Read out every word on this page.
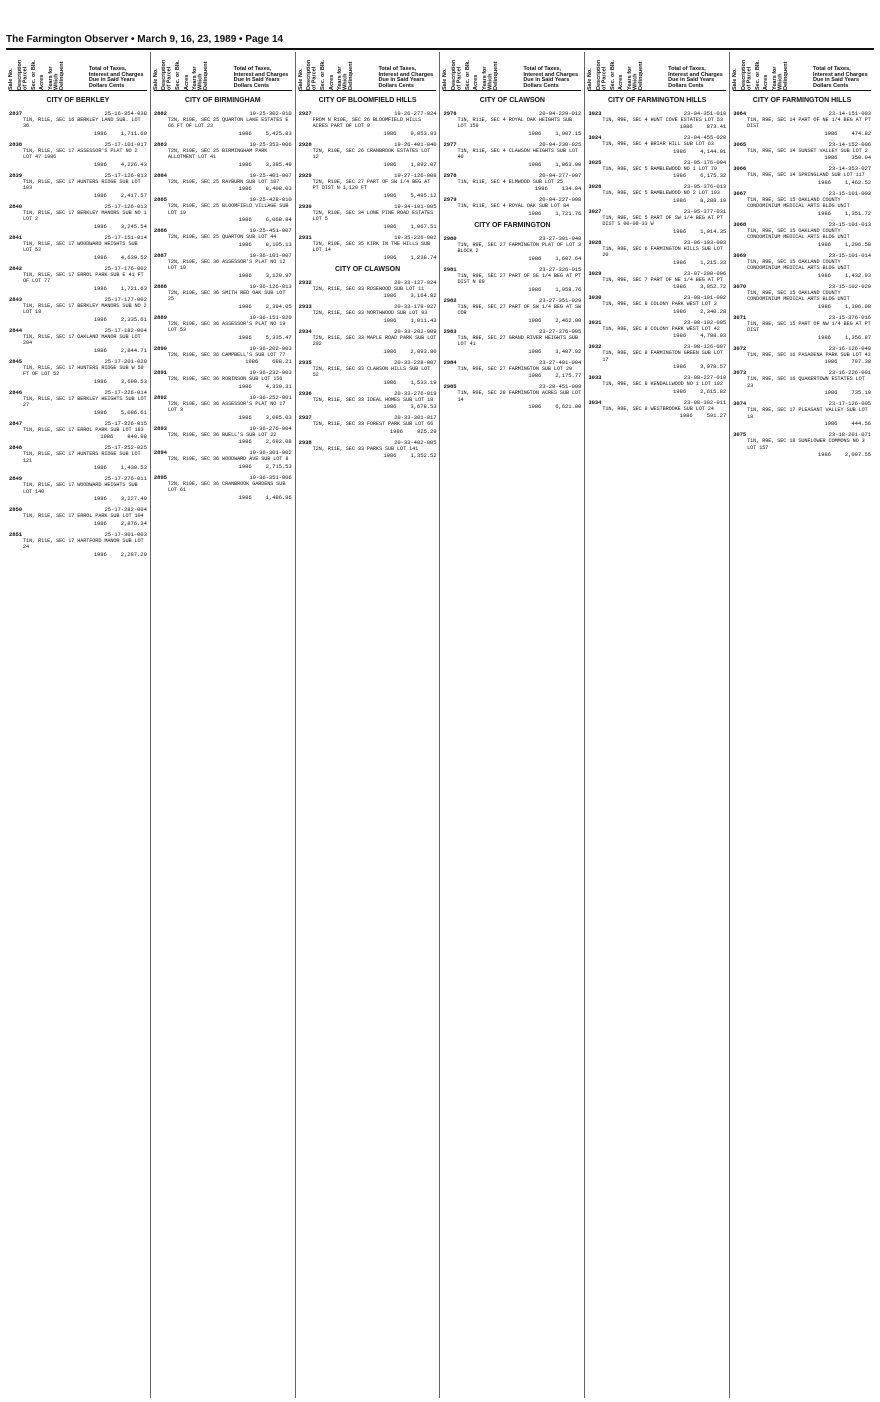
The Farmington Observer • March 9, 16, 23, 1989 • Page 14
Sale No. Description of Parcel Sec. or Blk. Acres Years for Which Delinquent	Total of Taxes, Interest and Charges Due in Said Years Dollars Cents
CITY OF BERKLEY
2837	25-16-354-038
T1N, R11E, SEC 16 BERKLEY LAND SUB. LOT 36
1986	1,711.60
2838	25-17-101-017
T1N, R11E, SEC 17 ASSESSOR'S PLAT NO 2 LOT 47 1986
1986	4,226.43
2839	25-17-126-013
T1N, R11E, SEC 17 HUNTERS RIDGE SUB LOT 103
1986	2,417.57
2840	25-17-126-013
T1N, R11E, SEC 17 BERKLEY MANORS SUB NO 1 LOT 2
1986	3,245.54
2841	25-17-151-014
T1N, R11E, SEC 17 WOODWARD HEIGHTS SUB LOT 52
1986	4,639.52
2842	25-17-176-002
T1N, R11E, SEC 17 ERROL PARK SUB E 41 FT OF LOT 77
1986	1,721.63
2843	25-17-177-002
T1N, R11E, SEC 17 BERKLEY MANORS SUB NO 2 LOT 18
1986	2,335.61
2844	25-17-182-004
T1N, R11E, SEC 17 OAKLAND MANOR SUB LOT 204
1986	2,844.71
2845	25-17-201-020
T1N, R11E, SEC 17 HUNTERS RIDGE SUB W 50 FT OF LOT 52
1986	3,690.53
2846	25-17-226-014
T1N, R11E, SEC 17 BERKLEY HEIGHTS SUB LOT 27
1986	5,086.61
2847	25-17-226-015
T1N, R11E, SEC 17 ERROL PARK SUB LOT 183
1986	849.98
2848	25-17-252-025
T1N, R11E, SEC 17 HUNTERS RIDGE SUB LOT 121
1986	1,430.53
2849	25-17-276-011
T1N, R11E, SEC 17 WOODWARD HEIGHTS SUB LOT 140
1986	3,227.49
2850	25-17-282-004
T1N, R11E, SEC 17 ERROL PARK SUB LOT 104
1986	2,876.34
2851	25-17-301-003
T1N, R11E, SEC 17 HARTFORD MANOR SUB LOT 24
1986	2,287.29
Sale No. Description of Parcel Sec. or Blk. Acres Years for Which Delinquent	Total of Taxes, Interest and Charges Due in Said Years Dollars Cents
CITY OF BIRMINGHAM
2882	19-25-302-010
T2N, R10E, SEC 25 QUARTON LAKE ESTATES E 66 FT OF LOT 23
1986	5,425.83
2883	19-25-353-006
T2N, R10E, SEC 25 BIRMINGHAM PARK ALLOTMENT LOT 41
1986	3,385.49
2884	19-25-401-007
T2N, R10E, SEC 25 RAYBURN SUB LOT 107
1986	8,408.03
2885	19-25-428-010
T2N, R10E, SEC 25 BLOOMFIELD VILLAGE SUB LOT 19
1986	6,068.84
2886	19-25-451-007
T2N, R10E, SEC 25 QUARTON SUB LOT 44
1986	8,105.13
2887	19-36-101-007
T2N, R10E, SEC 36 ASSESSOR'S PLAT NO 12 LOT 10
1986	3,129.97
2888	19-36-126-013
T2N, R10E, SEC 36 SMITH RED OAK SUB LOT 25
1986	2,394.05
2889	19-36-151-020
T2N, R10E, SEC 36 ASSESSOR'S PLAT NO 19 LOT 53
1986	5,335.47
2890	19-36-202-003
T2N, R10E, SEC 36 CAMPBELL'S SUB LOT 77
1986	688.21
2891	19-36-232-003
T2N, R10E, SEC 36 ROBINSON SUB LOT 156
1986	4,339.31
2892	19-36-252-001
T2N, R10E, SEC 36 ASSESSOR'S PLAT NO 17 LOT 3
1986	3,085.03
2893	19-36-276-004
T2N, R10E, SEC 36 BUELL'S SUB LOT 22
1986	2,692.08
2894	19-36-301-002
T2N, R10E, SEC 36 WOODWARD AVE SUB LOT 8
1986	2,715.53
2895	19-36-351-006
T2N, R10E, SEC 36 CRANBROOK GARDENS SUB LOT 61
1986	1,486.86
Sale No. Description of Parcel Sec. or Blk. Acres Years for Which Delinquent	Total of Taxes, Interest and Charges Due in Said Years Dollars Cents
CITY OF BLOOMFIELD HILLS
2927	19-26-277-024
FROM N R10E, SEC 26 BLOOMFIELD HILLS ACRES PART OF LOT 9
1986	9,853.83
2928	19-26-401-040
T2N, R10E, SEC 26 CRANBROOK ESTATES LOT 12
1986	1,892.07
2929	19-27-126-008
T2N, R10E, SEC 27 PART OF SW 1/4 BEG AT PT DIST N 1,120 FT
1986	5,495.12
2930	19-34-101-005
T2N, R10E, SEC 34 LONE PINE ROAD ESTATES LOT 5
1986	1,067.51
2931	19-35-226-002
T2N, R10E, SEC 35 KIRK IN THE HILLS SUB LOT 14
1986	1,238.74
CITY OF CLAWSON
2932	20-33-127-024
T2N, R11E, SEC 33 ROSEWOOD SUB LOT 11
1986	3,164.82
2933	20-33-178-027
T2N, R11E, SEC 33 NORTHWOOD SUB LOT 93
1986	1,811.43
2934	20-33-202-009
T2N, R11E, SEC 33 MAPLE ROAD PARK SUB LOT 202
1986	2,093.80
2935	20-33-228-007
T2N, R11E, SEC 33 CLAWSON HILLS SUB LOT 52
1986	1,533.19
2936	20-33-276-019
T2N, R11E, SEC 33 IDEAL HOMES SUB LOT 18
1986	3,678.53
2937	20-33-301-017
T2N, R11E, SEC 33 FOREST PARK SUB LOT 66
1986	925.29
2938	20-33-402-005
T2N, R11E, SEC 33 PARKS SUB LOT 141
1986	1,352.52
Sale No. Description of Parcel Sec. or Blk. Acres Years for Which Delinquent	Total of Taxes, Interest and Charges Due in Said Years Dollars Cents
CITY OF CLAWSON
2976	20-04-229-012
T1N, R11E, SEC 4 ROYAL OAK HEIGHTS SUB LOT 159
1986	1,907.15
2977	20-04-230-025
T1N, R11E, SEC 4 CLAWSON HEIGHTS SUB LOT 40
1986	1,863.90
2978	20-04-277-007
T1N, R11E, SEC 4 ELMWOOD SUB LOT 25
1986	134.04
2979	20-04-227-008
T1N, R11E, SEC 4 ROYAL OAK SUB LOT 84
1986	1,721.76
CITY OF FARMINGTON
2980	23-27-301-040
T1N, R9E, SEC 27 FARMINGTON PLAT OF LOT 3 BLOCK 2
1986	1,607.64
2981	23-27-326-015
T1N, R9E, SEC 27 PART OF SE 1/4 BEG AT PT DIST N 89
1986	1,958.76
2982	23-27-351-029
T1N, R9E, SEC 27 PART OF SW 1/4 BEG AT SW COR
1986	2,462.00
2983	23-27-376-005
T1N, R9E, SEC 27 GRAND RIVER HEIGHTS SUB LOT 41
1986	3,407.92
2984	23-27-401-004
T1N, R9E, SEC 27 FARMINGTON SUB LOT 29
1986	2,175.77
2985	23-28-451-009
T1N, R9E, SEC 28 FARMINGTON ACRES SUB LOT 14
1986	6,621.80
Sale No. Description of Parcel Sec. or Blk. Acres Years for Which Delinquent	Total of Taxes, Interest and Charges Due in Said Years Dollars Cents
CITY OF FARMINGTON HILLS
3023	23-04-351-010
T1N, R9E, SEC 4 HUNT COVE ESTATES LOT 53
1986	873.41
3024	23-04-455-028
T1N, R9E, SEC 4 BRIAR HILL SUB LOT 63
1986	4,144.01
3025	23-05-176-004
T1N, R9E, SEC 5 RAMBLEWOOD NO 1 LOT 70
1986	6,175.32
3026	23-05-376-013
T1N, R9E, SEC 5 RAMBLEWOOD NO 2 LOT 193
1986	8,288.19
3027	23-05-377-031
T1N, R9E, SEC 5 PART OF SW 1/4 BEG AT PT DIST S 00-08-33 W
1986	1,014.35
3028	23-06-103-003
T1N, R9E, SEC 6 FARMINGTON HILLS SUB LOT 20
1986	1,215.33
3029	23-07-200-006
T1N, R9E, SEC 7 PART OF NE 1/4 BEG AT PT
1986	3,952.72
3030	23-08-101-002
T1N, R9E, SEC 8 COLONY PARK WEST LOT 3
1986	2,340.28
3031	23-08-102-005
T1N, R9E, SEC 8 COLONY PARK WEST LOT 42
1986	4,708.03
3032	23-08-126-007
T1N, R9E, SEC 8 FARMINGTON GREEN SUB LOT 17
1986	3,078.57
3033	23-08-227-018
T1N, R9E, SEC 8 KENDALLWOOD NO 1 LOT 102
1986	2,615.82
3034	23-08-302-011
T1N, R9E, SEC 8 WESTBROOKE SUB LOT 24
1986	591.27
Sale No. Description of Parcel Sec. or Blk. Acres Years for Which Delinquent	Total of Taxes, Interest and Charges Due in Said Years Dollars Cents
CITY OF FARMINGTON HILLS
3064	23-14-151-003
T1N, R9E, SEC 14 PART OF NE 1/4 BEG AT PT DIST
1986	474.82
3065	23-14-152-006
T1N, R9E, SEC 14 SUNSET VALLEY SUB LOT 2
1986	350.04
3066	23-14-353-027
T1N, R9E, SEC 14 SPRINGLAND SUB LOT 117
1986	1,462.52
3067	23-15-101-003
T1N, R9E, SEC 15 OAKLAND COUNTY CONDOMINIUM MEDICAL ARTS BLDG UNIT
1986	1,351.72
3068	23-15-101-013
T1N, R9E, SEC 15 OAKLAND COUNTY CONDOMINIUM MEDICAL ARTS BLDG UNIT
1986	1,296.58
3069	23-15-101-014
T1N, R9E, SEC 15 OAKLAND COUNTY CONDOMINIUM MEDICAL ARTS BLDG UNIT
1986	1,432.93
3070	23-15-102-020
T1N, R9E, SEC 15 OAKLAND COUNTY CONDOMINIUM MEDICAL ARTS BLDG UNIT
1986	1,396.08
3071	23-15-376-016
T1N, R9E, SEC 15 PART OF NW 1/4 BEG AT PT DIST
1986	1,356.87
3072	23-16-126-040
T1N, R9E, SEC 16 PASADENA PARK SUB LOT 43
1986	797.38
3073	23-16-226-001
T1N, R9E, SEC 16 QUAKERTOWN ESTATES LOT 23
1986	735.10
3074	23-17-126-005
T1N, R9E, SEC 17 PLEASANT VALLEY SUB LOT 18
1986	444.56
3075	23-18-201-071
T1N, R9E, SEC 18 SUNFLOWER COMMONS NO 3 LOT 157
1986	2,007.55
